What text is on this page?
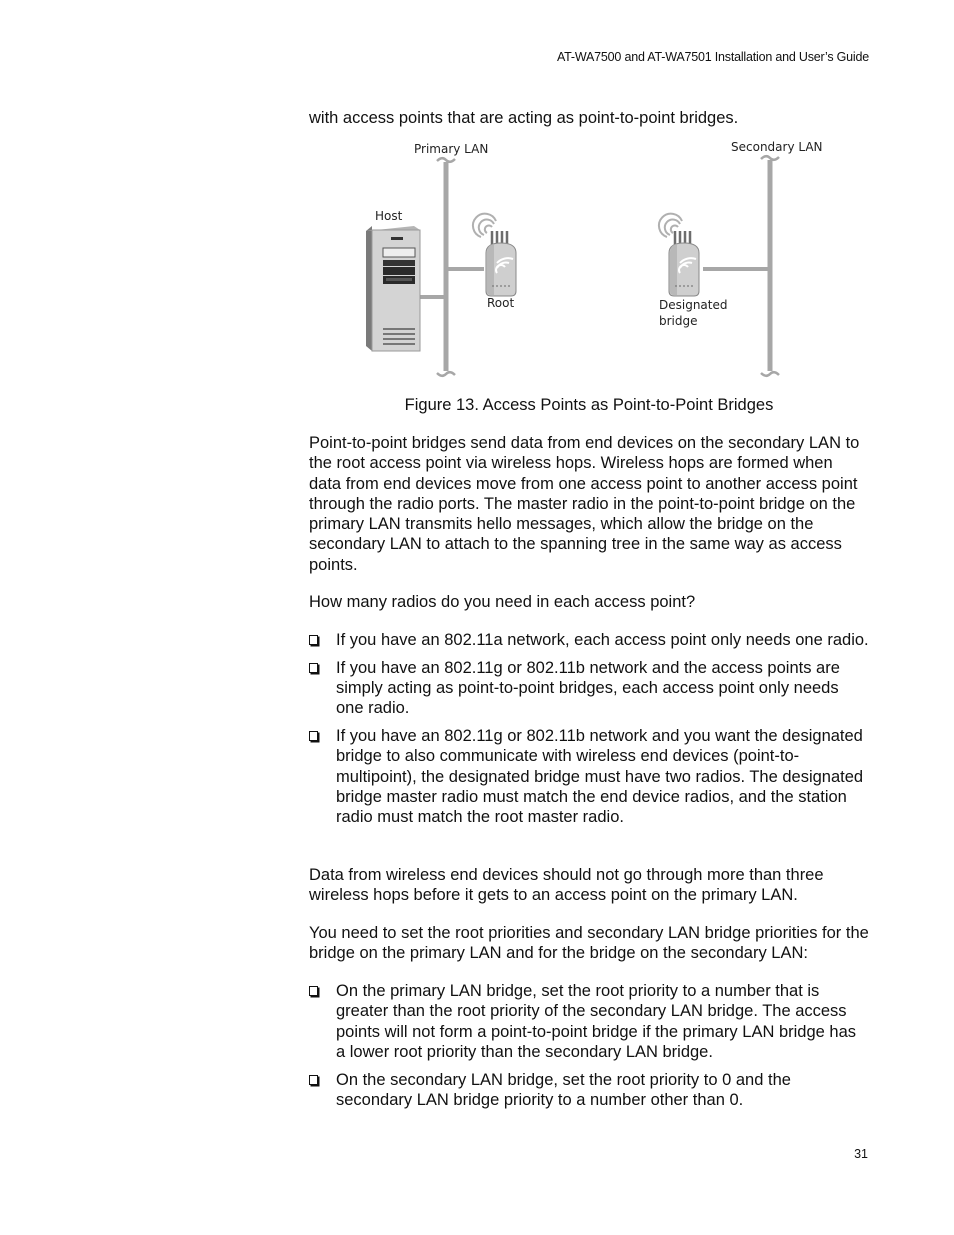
AT-WA7500 and AT-WA7501 Installation and User’s Guide

with access points that are acting as point-to-point bridges.

Primary LAN	Secondary LAN
Host
Root	Designated
bridge
Figure 13. Access Points as Point-to-Point Bridges

Point-to-point bridges send data from end devices on the secondary LAN to the root access point via wireless hops. Wireless hops are formed when data from end devices move from one access point to another access point through the radio ports. The master radio in the point-to-point bridge on the primary LAN transmits hello messages, which allow the bridge on the secondary LAN to attach to the spanning tree in the same way as access points.

How many radios do you need in each access point?

If you have an 802.11a network, each access point only needs one radio.
If you have an 802.11g or 802.11b network and the access points are simply acting as point-to-point bridges, each access point only needs one radio.
If you have an 802.11g or 802.11b network and you want the designated bridge to also communicate with wireless end devices (point-to-multipoint), the designated bridge must have two radios. The designated bridge master radio must match the end device radios, and the station radio must match the root master radio.

Data from wireless end devices should not go through more than three wireless hops before it gets to an access point on the primary LAN.

You need to set the root priorities and secondary LAN bridge priorities for the bridge on the primary LAN and for the bridge on the secondary LAN:

On the primary LAN bridge, set the root priority to a number that is greater than the root priority of the secondary LAN bridge. The access points will not form a point-to-point bridge if the primary LAN bridge has a lower root priority than the secondary LAN bridge.
On the secondary LAN bridge, set the root priority to 0 and the secondary LAN bridge priority to a number other than 0.
31
